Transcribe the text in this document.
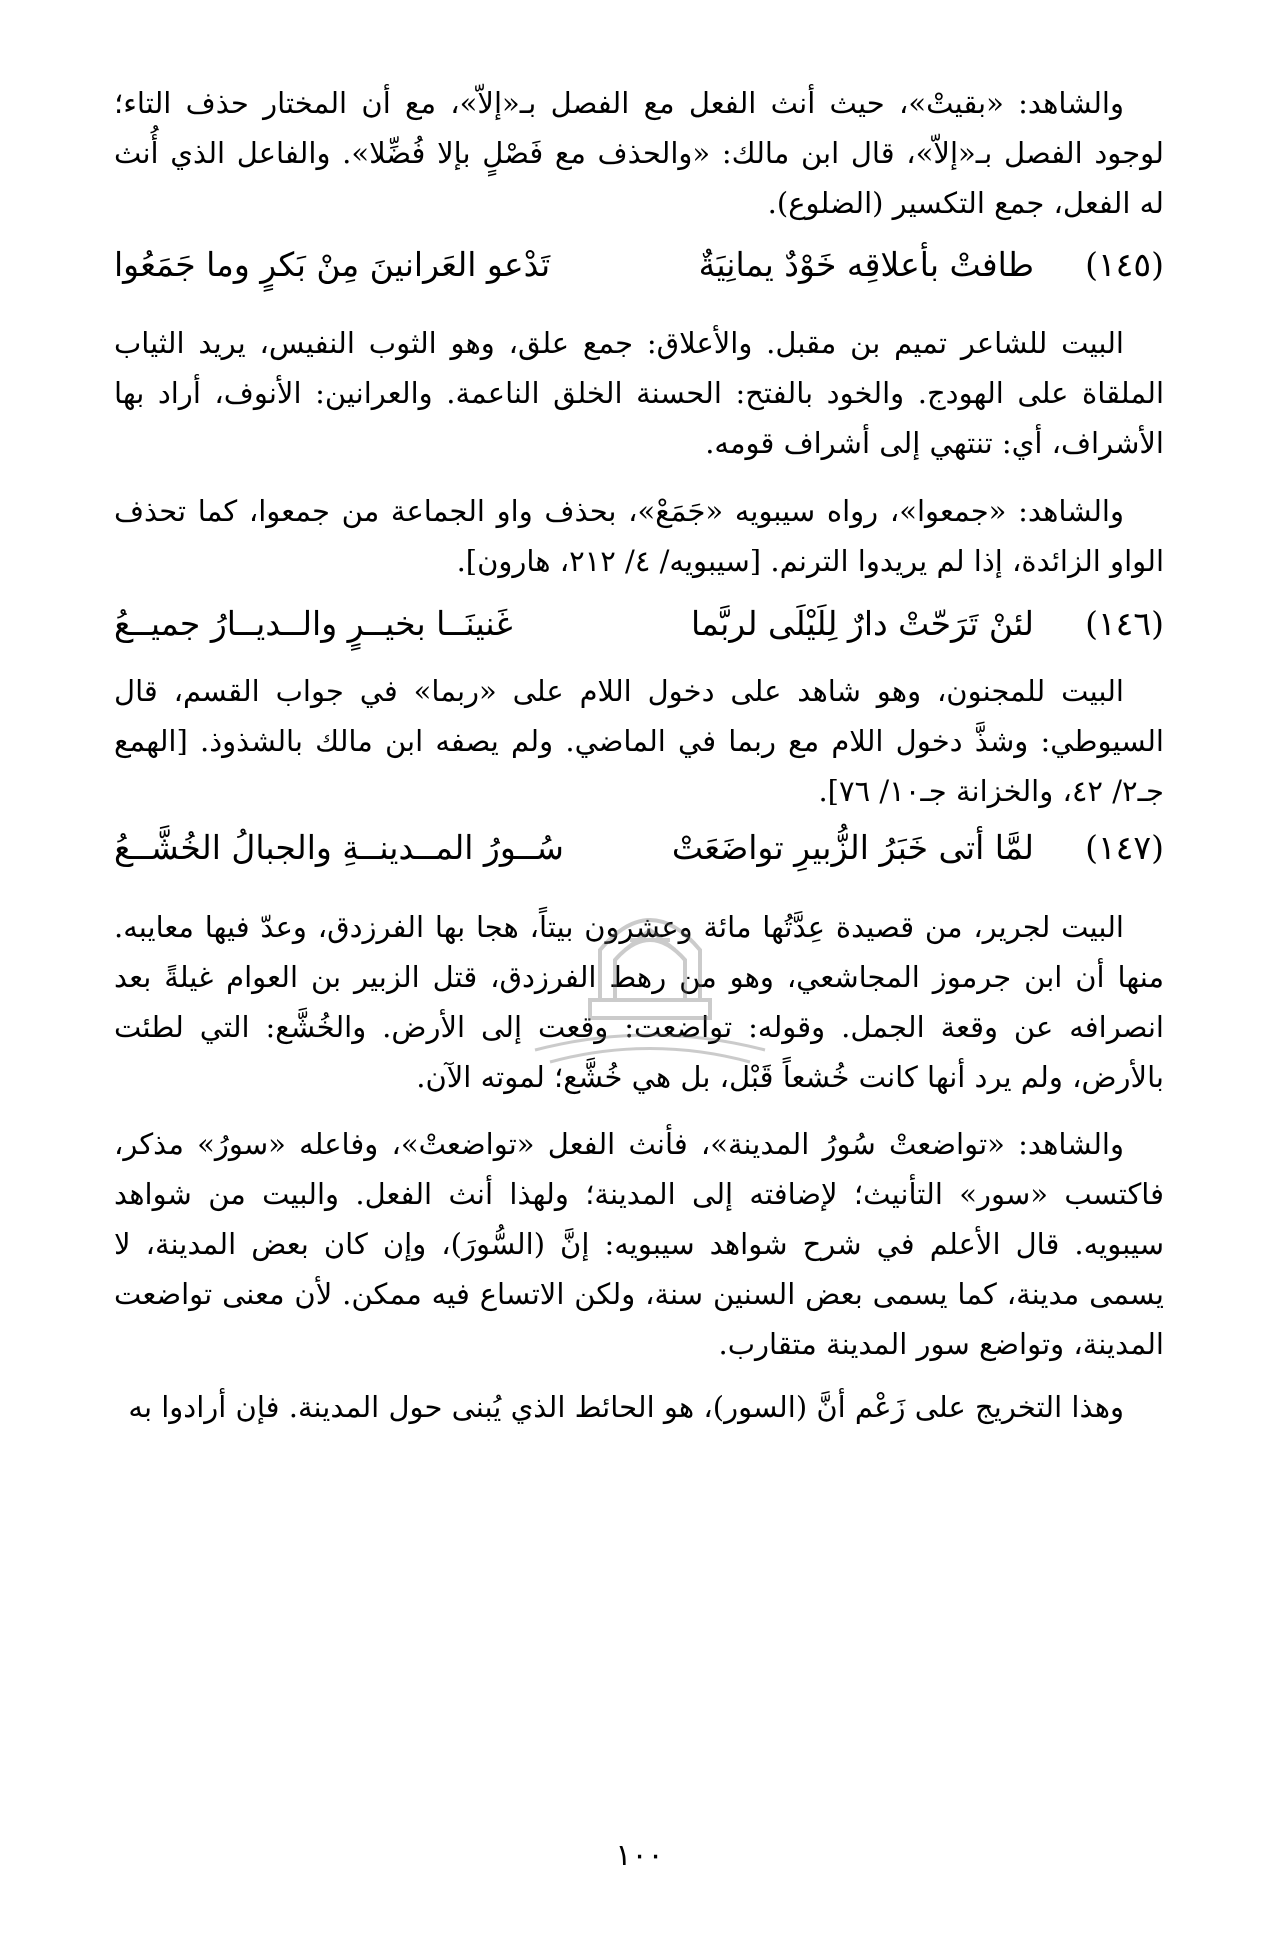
والشاهد: «بقيتْ»، حيث أنث الفعل مع الفصل بـ«إلاّ»، مع أن المختار حذف التاء؛ لوجود الفصل بـ«إلاّ»، قال ابن مالك: «والحذف مع فَصْلٍ بإلا فُضِّلا». والفاعل الذي أُنث له الفعل، جمع التكسير (الضلوع).
(١٤٥)
طافتْ بأعلاقِه خَوْدٌ يمانِيَةٌ
تَدْعو العَرانينَ مِنْ بَكرٍ وما جَمَعُوا
البيت للشاعر تميم بن مقبل. والأعلاق: جمع علق، وهو الثوب النفيس، يريد الثياب الملقاة على الهودج. والخود بالفتح: الحسنة الخلق الناعمة. والعرانين: الأنوف، أراد بها الأشراف، أي: تنتهي إلى أشراف قومه.
والشاهد: «جمعوا»، رواه سيبويه «جَمَعْ»، بحذف واو الجماعة من جمعوا، كما تحذف الواو الزائدة، إذا لم يريدوا الترنم. [سيبويه/ ٤/ ٢١٢، هارون].
(١٤٦)
لئنْ تَرَحّتْ دارٌ لِلَيْلَى لربَّما
غَنينَــا بخيــرٍ والــديــارُ جميــعُ
البيت للمجنون، وهو شاهد على دخول اللام على «ربما» في جواب القسم، قال السيوطي: وشذَّ دخول اللام مع ربما في الماضي. ولم يصفه ابن مالك بالشذوذ. [الهمع جـ٢/ ٤٢، والخزانة جـ١٠/ ٧٦].
(١٤٧)
لمَّا أتى خَبَرُ الزُّبيرِ تواضَعَتْ
سُــورُ المــدينــةِ والجبالُ الخُشَّــعُ
البيت لجرير، من قصيدة عِدَّتُها مائة وعشرون بيتاً، هجا بها الفرزدق، وعدّ فيها معايبه. منها أن ابن جرموز المجاشعي، وهو من رهط الفرزدق، قتل الزبير بن العوام غيلةً بعد انصرافه عن وقعة الجمل. وقوله: تواضعت: وقعت إلى الأرض. والخُشَّع: التي لطئت بالأرض، ولم يرد أنها كانت خُشعاً قَبْل، بل هي خُشَّع؛ لموته الآن.
والشاهد: «تواضعتْ سُورُ المدينة»، فأنث الفعل «تواضعتْ»، وفاعله «سورُ» مذكر، فاكتسب «سور» التأنيث؛ لإضافته إلى المدينة؛ ولهذا أنث الفعل. والبيت من شواهد سيبويه. قال الأعلم في شرح شواهد سيبويه: إنَّ (السُّورَ)، وإن كان بعض المدينة، لا يسمى مدينة، كما يسمى بعض السنين سنة، ولكن الاتساع فيه ممكن. لأن معنى تواضعت المدينة، وتواضع سور المدينة متقارب.
وهذا التخريج على زَعْم أنَّ (السور)، هو الحائط الذي يُبنى حول المدينة. فإن أرادوا به
١٠٠
